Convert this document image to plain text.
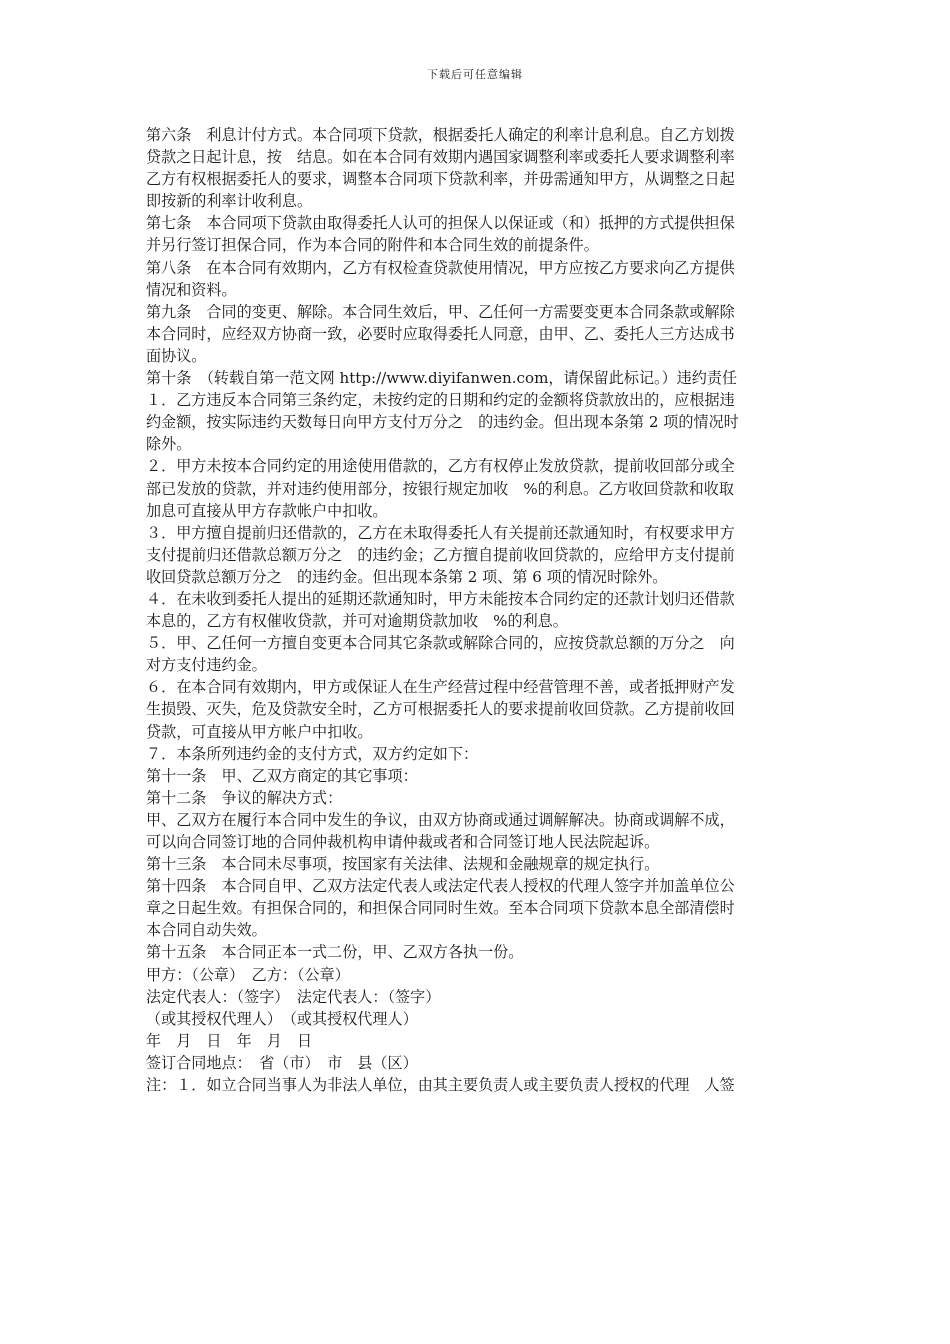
下载后可任意编辑
第六条　利息计付方式。本合同项下贷款，根据委托人确定的利率计息利息。自乙方划拨
贷款之日起计息，按　结息。如在本合同有效期内遇国家调整利率或委托人要求调整利率
乙方有权根据委托人的要求，调整本合同项下贷款利率，并毋需通知甲方，从调整之日起
即按新的利率计收利息。
第七条　本合同项下贷款由取得委托人认可的担保人以保证或（和）抵押的方式提供担保
并另行签订担保合同，作为本合同的附件和本合同生效的前提条件。
第八条　在本合同有效期内，乙方有权检查贷款使用情况，甲方应按乙方要求向乙方提供
情况和资料。
第九条　合同的变更、解除。本合同生效后，甲、乙任何一方需要变更本合同条款或解除
本合同时，应经双方协商一致，必要时应取得委托人同意，由甲、乙、委托人三方达成书
面协议。
第十条　（转载自第一范文网 http://www.diyifanwen.com，请保留此标记。）违约责任
１．乙方违反本合同第三条约定，未按约定的日期和约定的金额将贷款放出的，应根据违
约金额，按实际违约天数每日向甲方支付万分之　的违约金。但出现本条第 2 项的情况时
除外。
２．甲方未按本合同约定的用途使用借款的，乙方有权停止发放贷款，提前收回部分或全
部已发放的贷款，并对违约使用部分，按银行规定加收　%的利息。乙方收回贷款和收取
加息可直接从甲方存款帐户中扣收。
３．甲方擅自提前归还借款的，乙方在未取得委托人有关提前还款通知时，有权要求甲方
支付提前归还借款总额万分之　的违约金；乙方擅自提前收回贷款的，应给甲方支付提前
收回贷款总额万分之　的违约金。但出现本条第 2 项、第 6 项的情况时除外。
４．在未收到委托人提出的延期还款通知时，甲方未能按本合同约定的还款计划归还借款
本息的，乙方有权催收贷款，并可对逾期贷款加收　%的利息。
５．甲、乙任何一方擅自变更本合同其它条款或解除合同的，应按贷款总额的万分之　向
对方支付违约金。
６．在本合同有效期内，甲方或保证人在生产经营过程中经营管理不善，或者抵押财产发
生损毁、灭失，危及贷款安全时，乙方可根据委托人的要求提前收回贷款。乙方提前收回
贷款，可直接从甲方帐户中扣收。
７．本条所列违约金的支付方式，双方约定如下：
第十一条　甲、乙双方商定的其它事项：
第十二条　争议的解决方式：
甲、乙双方在履行本合同中发生的争议，由双方协商或通过调解解决。协商或调解不成，
可以向合同签订地的合同仲裁机构申请仲裁或者和合同签订地人民法院起诉。
第十三条　本合同未尽事项，按国家有关法律、法规和金融规章的规定执行。
第十四条　本合同自甲、乙双方法定代表人或法定代表人授权的代理人签字并加盖单位公
章之日起生效。有担保合同的，和担保合同同时生效。至本合同项下贷款本息全部清偿时
本合同自动失效。
第十五条　本合同正本一式二份，甲、乙双方各执一份。
甲方：（公章）　乙方：（公章）
法定代表人：（签字）　法定代表人：（签字）
（或其授权代理人）　（或其授权代理人）
年　月　日　年　月　日
签订合同地点：　省（市）　市　县（区）
注：１．如立合同当事人为非法人单位，由其主要负责人或主要负责人授权的代理　人签
